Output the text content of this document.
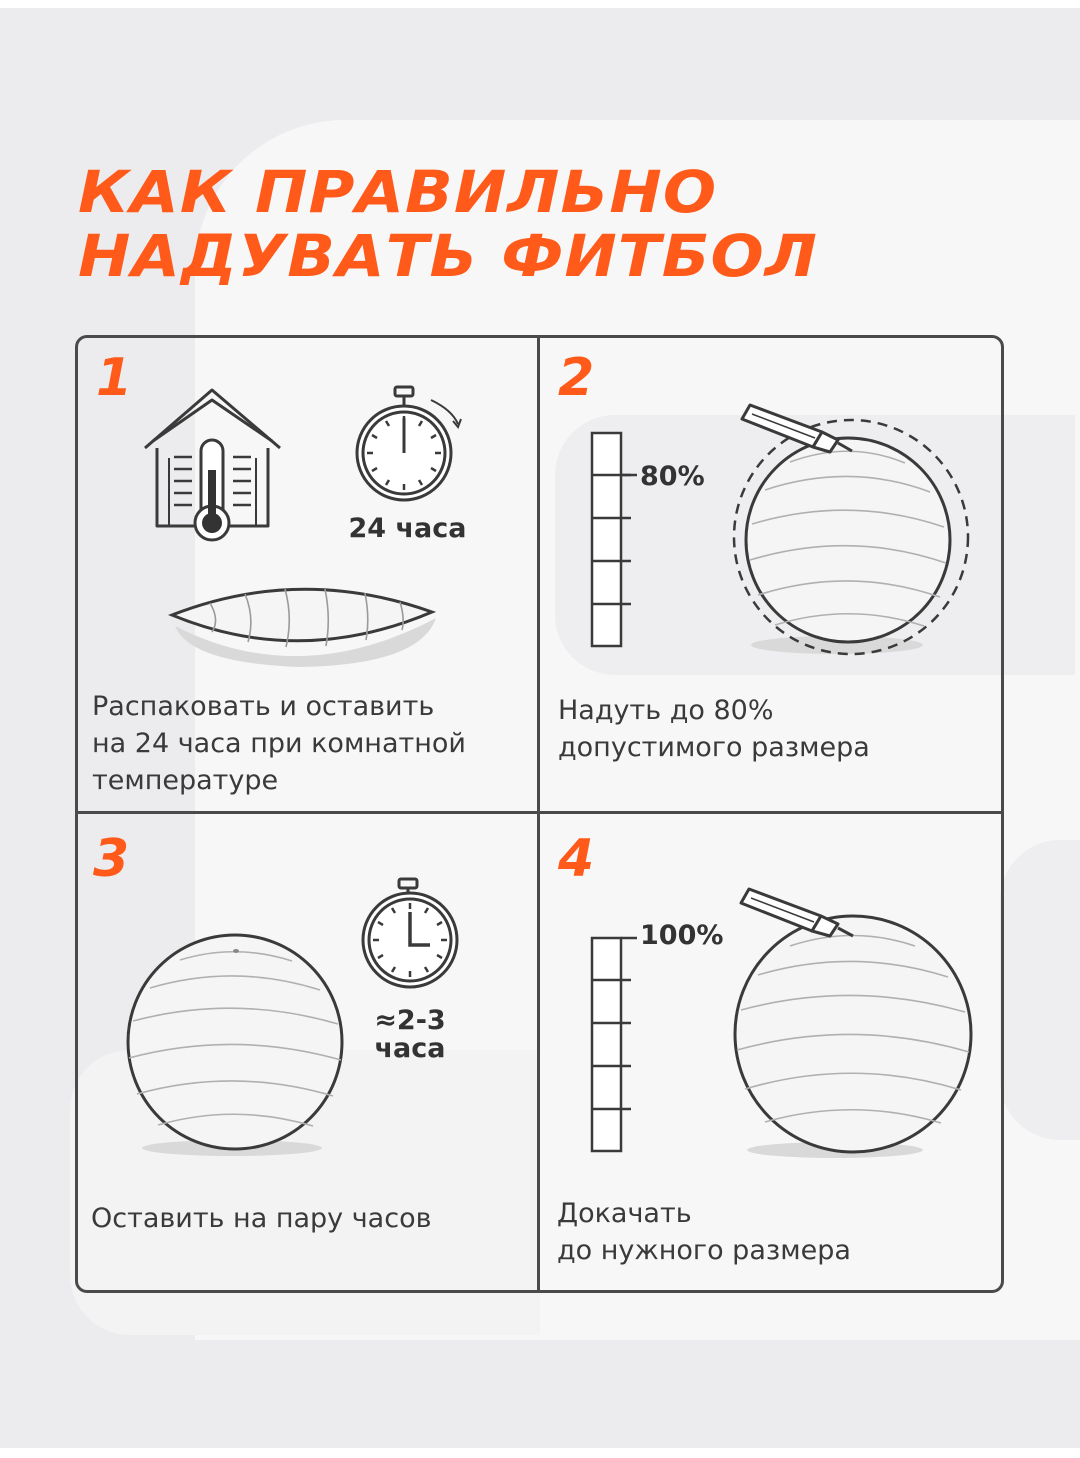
КАК ПРАВИЛЬНО
НАДУВАТЬ ФИТБОЛ
1	2
3	4
24 часа
80%
≈2-3
часа
100%

Распаковать и оставить
на 24 часа при комнатной
температуре

Надуть до 80%
допустимого размера

Оставить на пару часов	Докачать
до нужного размера
